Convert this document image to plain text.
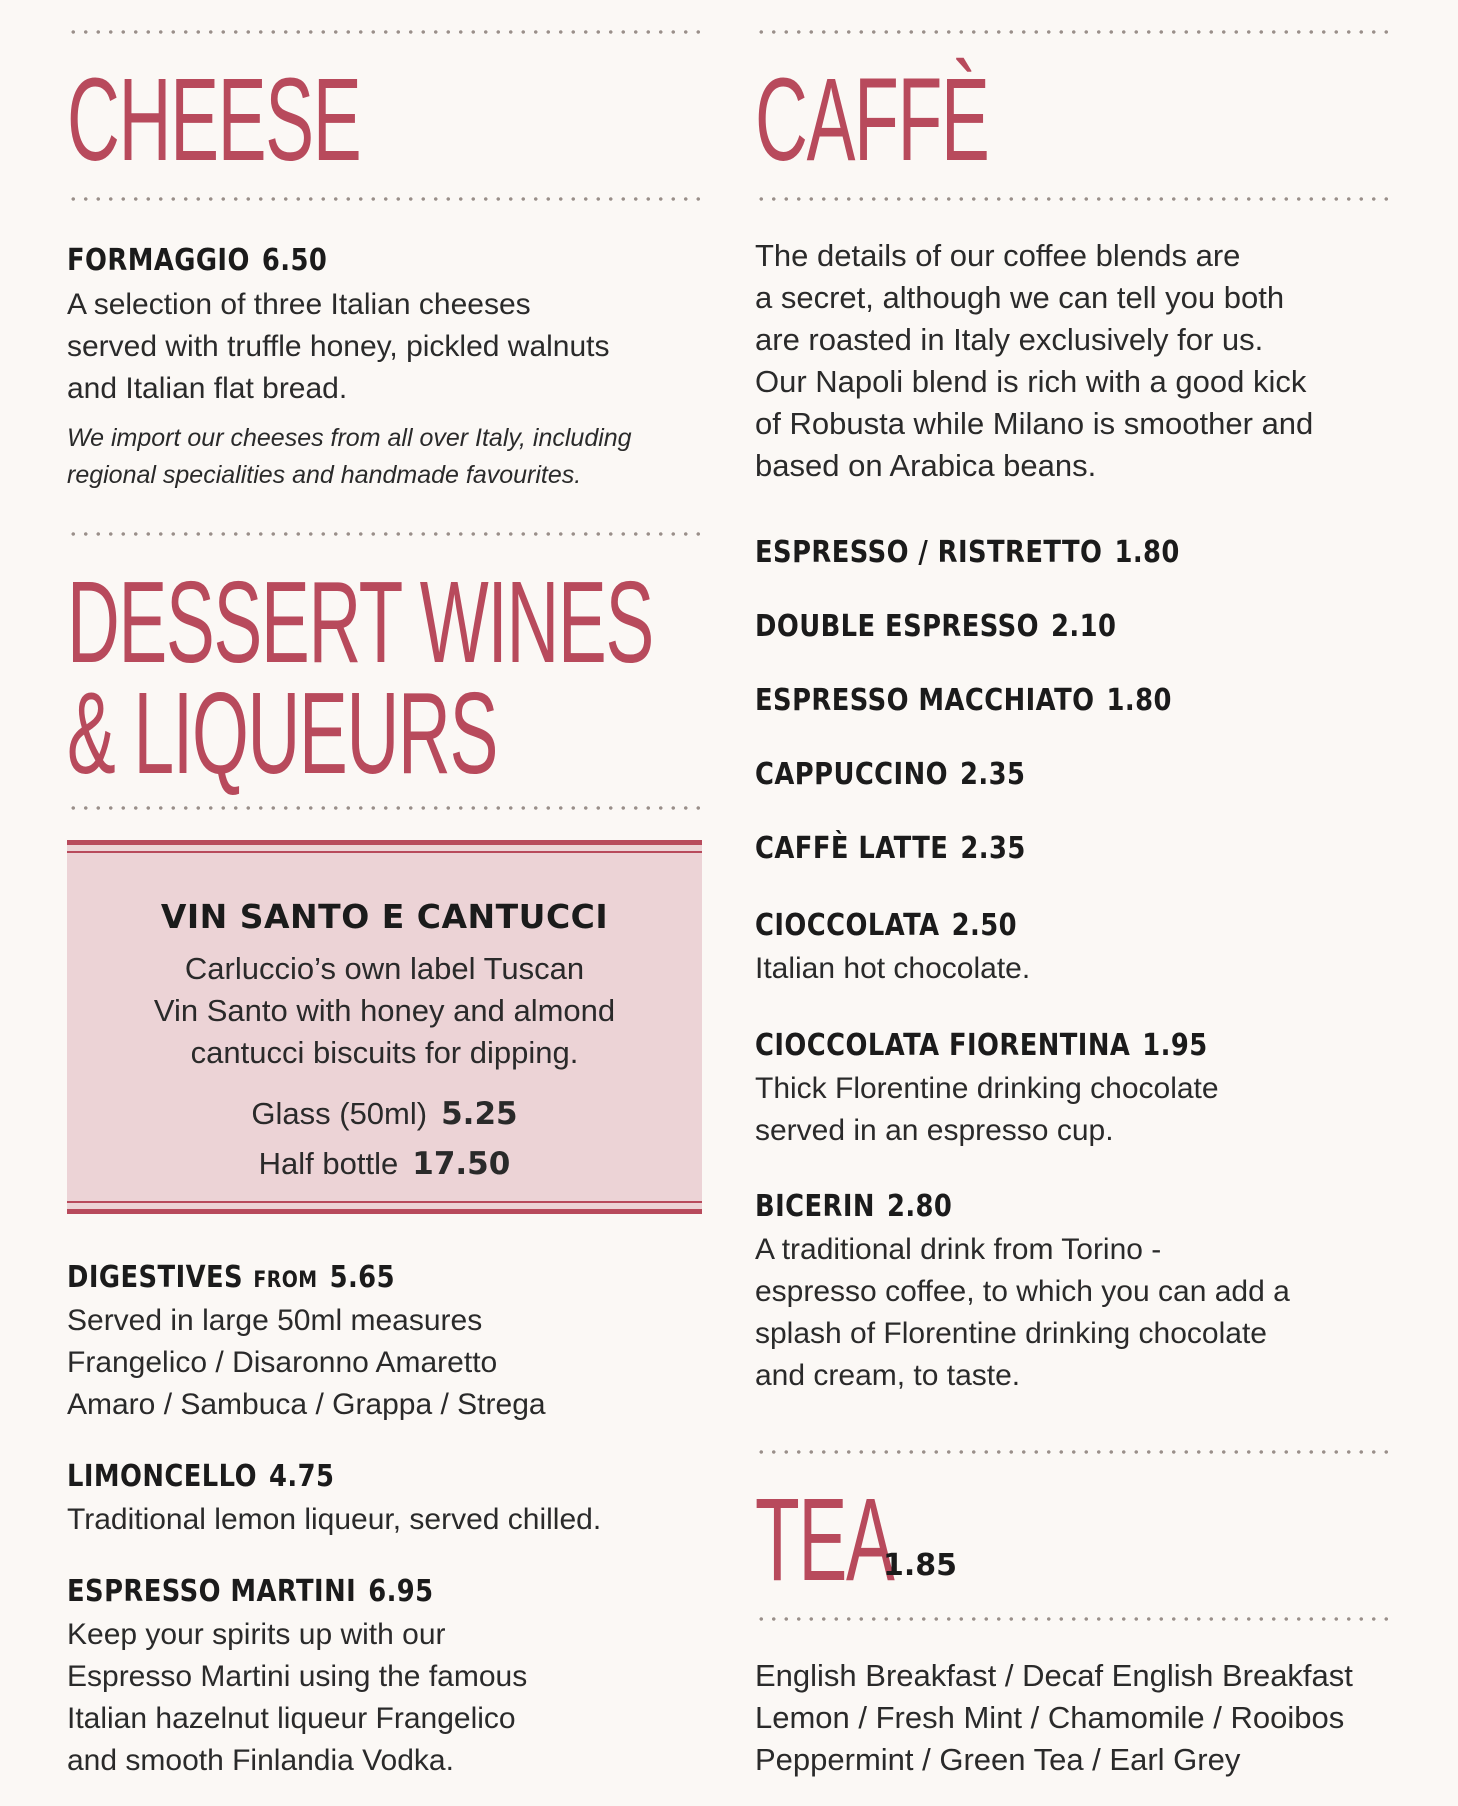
CHEESE
FORMAGGIO 6.50

A selection of three Italian cheeses
served with truffle honey, pickled walnuts
and Italian flat bread.

We import our cheeses from all over Italy, including
regional specialities and handmade favourites.

DESSERT WINES
& LIQUEURS
VIN SANTO E CANTUCCI

Carluccio’s own label Tuscan
Vin Santo with honey and almond
cantucci biscuits for dipping.

Glass (50ml) 5.25
Half bottle 17.50
DIGESTIVES FROM 5.65

Served in large 50ml measures
Frangelico / Disaronno Amaretto
Amaro / Sambuca / Grappa / Strega

LIMONCELLO 4.75

Traditional lemon liqueur, served chilled.

ESPRESSO MARTINI 6.95

Keep your spirits up with our
Espresso Martini using the famous
Italian hazelnut liqueur Frangelico
and smooth Finlandia Vodka.

CAFFÈ

The details of our coffee blends are
a secret, although we can tell you both
are roasted in Italy exclusively for us.
Our Napoli blend is rich with a good kick
of Robusta while Milano is smoother and
based on Arabica beans.

ESPRESSO / RISTRETTO 1.80
DOUBLE ESPRESSO 2.10
ESPRESSO MACCHIATO 1.80
CAPPUCCINO 2.35
CAFFÈ LATTE 2.35
CIOCCOLATA 2.50

Italian hot chocolate.

CIOCCOLATA FIORENTINA 1.95

Thick Florentine drinking chocolate
served in an espresso cup.

BICERIN 2.80

A traditional drink from Torino -
espresso coffee, to which you can add a
splash of Florentine drinking chocolate
and cream, to taste.

TEA
1.85

English Breakfast / Decaf English Breakfast
Lemon / Fresh Mint / Chamomile / Rooibos
Peppermint / Green Tea / Earl Grey
